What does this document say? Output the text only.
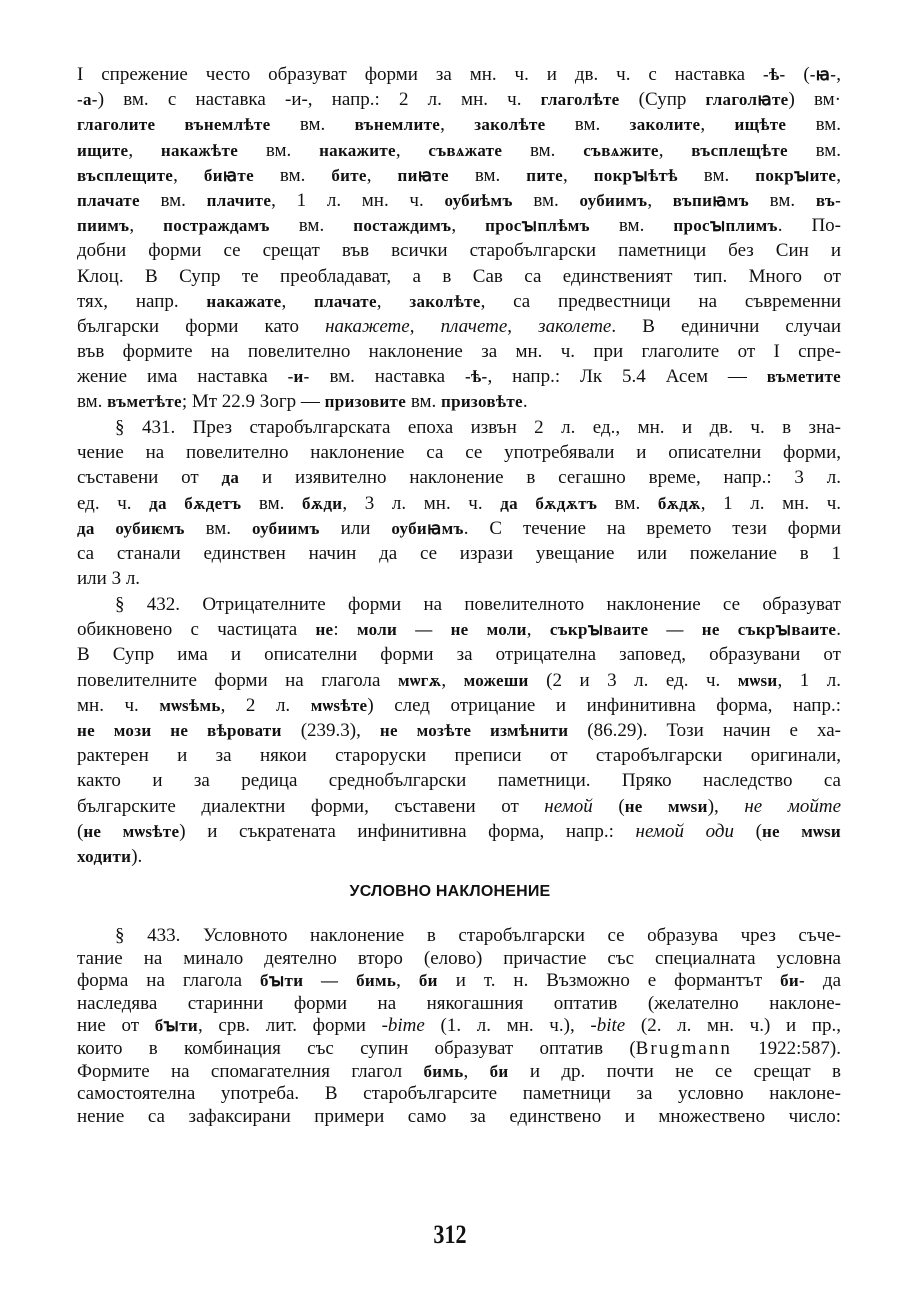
I спрежение често образуват форми за мн. ч. и дв. ч. с наставка -ѣ- (-ꙗ-,
-а-) вм. с наставка -и-, напр.: 2 л. мн. ч. глаголѣте (Супр глаголꙗте) вм·
глаголите вънемлѣте вм. вънемлите, заколѣте вм. заколите, ищѣте вм.
ищите, накажѣте вм. накажите, съвѧжате вм. съвѧжите, въсплещѣте вм.
въсплещите, биꙗте вм. бите, пиꙗте вм. пите, покрꙑѣтѣ вм. покрꙑите,
плачате вм. плачите, 1 л. мн. ч. оубиѣмъ вм. оубиимъ, въпиꙗмъ вм. въ-
пиимъ, пострaждамъ вм. постаждимъ, просꙑплѣмъ вм. просꙑплимъ. По-
добни форми се срещат във всички старобългарски паметници без Син и
Клоц. В Супр те преобладават, а в Сав са единственият тип. Много от
тях, напр. накажате, плачате, заколѣте, са предвестници на съвременни
български форми като накажете, плачете, заколете. В единични случаи
във формите на повелително наклонение за мн. ч. при глаголите от I спре-
жение има наставка -и- вм. наставка -ѣ-, напр.: Лк 5.4 Асем — въметите
вм. въметѣте; Мт 22.9 Зогр — призовите вм. призовѣте.
§ 431. През старобългарската епоха извън 2 л. ед., мн. и дв. ч. в зна-
чение на повелително наклонение са се употребявали и описателни форми,
съставени от да и изявително наклонение в сегашно време, напр.: 3 л.
ед. ч. да бѫдетъ вм. бѫди, 3 л. мн. ч. да бѫдѫтъ вм. бѫдѫ, 1 л. мн. ч.
да оубиѥмъ вм. оубиимъ или оубиꙗмъ. С течение на времето тези форми
са станали единствен начин да се изрази увещание или пожелание в 1
или 3 л.
§ 432. Отрицателните форми на повелителното наклонение се образуват
обикновено с частицата не: моли — не моли, съкрꙑваите — не съкрꙑваите.
В Супр има и описателни форми за отрицателна заповед, образувани от
повелителните форми на глагола мѡгѫ, можеши (2 и 3 л. ед. ч. мѡѕи, 1 л.
мн. ч. мѡѕѣмь, 2 л. мѡѕѣте) след отрицание и инфинитивна форма, напр.:
не мози не вѣровати (239.3), не мозѣте измѣнити (86.29). Този начин е ха-
рактерен и за някои староруски преписи от старобългарски оригинали,
както и за редица среднобългарски паметници. Пряко наследство са
българските диалектни форми, съставени от немой (не мѡѕи), не мойте
(не мѡѕѣте) и съкратената инфинитивна форма, напр.: немой оди (не мѡѕи
ходити).
УСЛОВНО НАКЛОНЕНИЕ
§ 433. Условното наклонение в старобългарски се образува чрез съче-
тание на минало деятелно второ (елово) причастие със специалната условна
форма на глагола бꙑти — бимь, би и т. н. Възможно е формантът би- да
наследява старинни форми на някогашния оптатив (желателно наклоне-
ние от бꙑти, срв. лит. форми -bime (1. л. мн. ч.), -bite (2. л. мн. ч.) и пр.,
които в комбинация със супин образуват оптатив (Brugmann 1922:587).
Формите на спомагателния глагол бимь, би и др. почти не се срещат в
самостоятелна употреба. В старобългарсите паметници за условно наклоне-
нение са зафаксирани примери само за единствено и множествено число:
312
